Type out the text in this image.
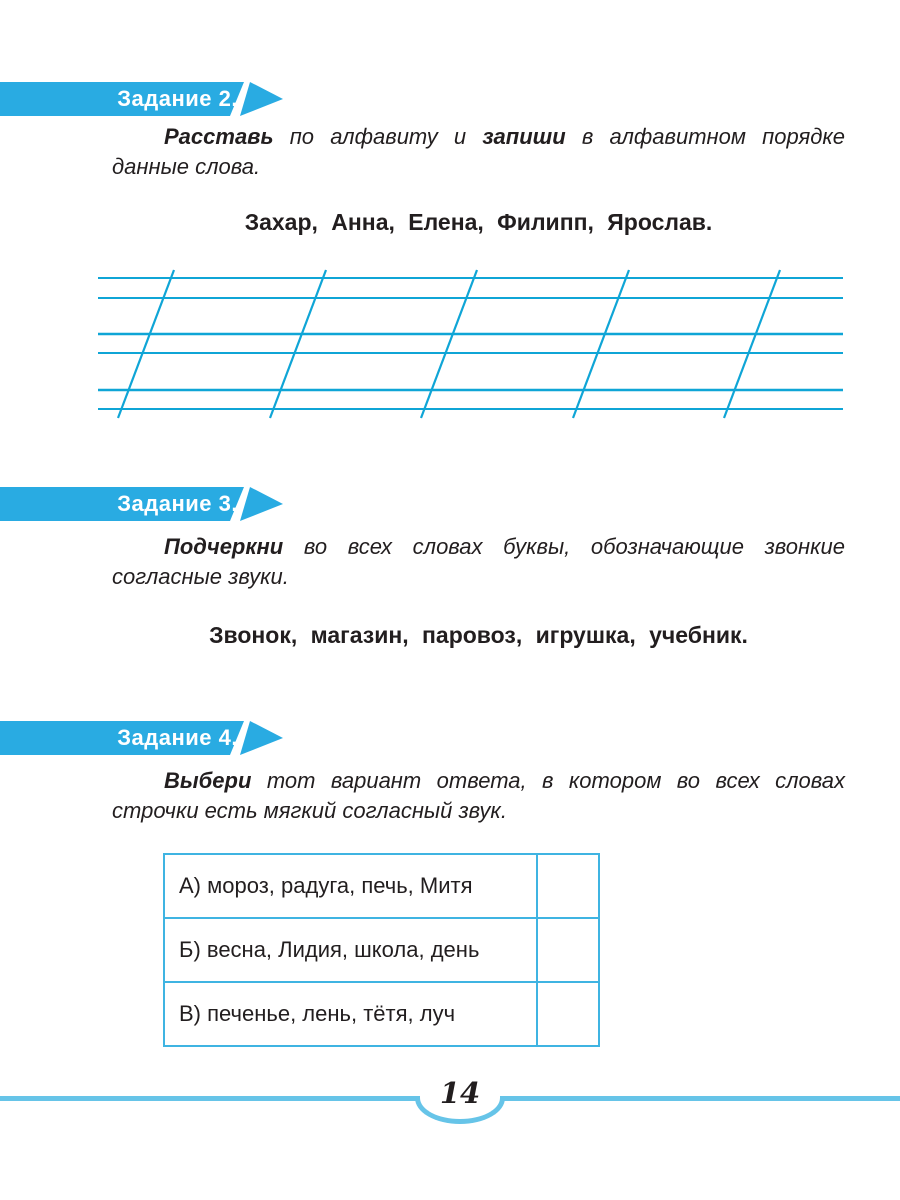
Задание 2.

Расставь по алфавиту и запиши в алфавитном порядке данные слова.

Захар, Анна, Елена, Филипп, Ярослав.

Задание 3.

Подчеркни во всех словах буквы, обозначающие звонкие согласные звуки.

Звонок, магазин, паровоз, игрушка, учебник.

Задание 4.

Выбери тот вариант ответа, в котором во всех словах строчки есть мягкий согласный звук.

А) мороз, радуга, печь, Митя	
Б) весна, Лидия, школа, день	
В) печенье, лень, тётя, луч	
14
